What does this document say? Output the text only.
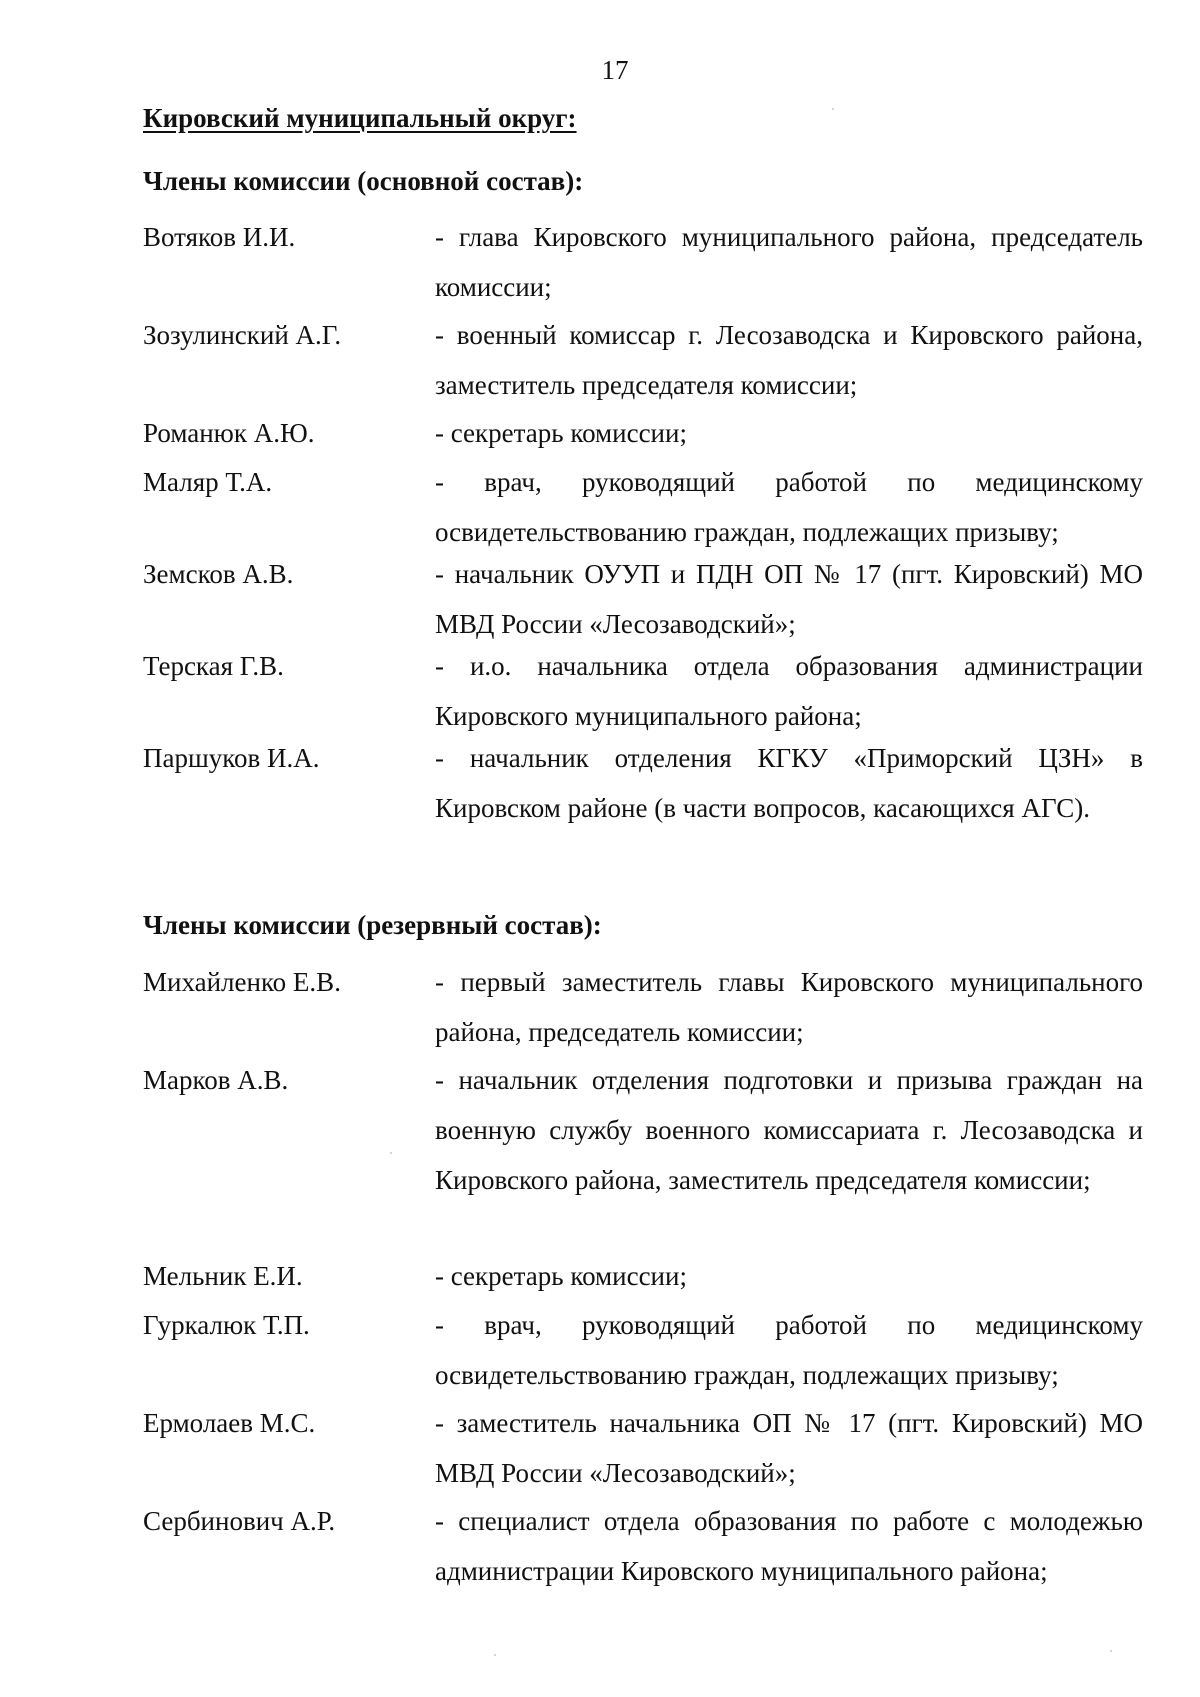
17
Кировский муниципальный округ:
Члены комиссии (основной состав):
Вотяков И.И.	- глава Кировского муниципального района, председатель комиссии;
Зозулинский А.Г.	- военный комиссар г. Лесозаводска и Кировского района, заместитель председателя комиссии;
Романюк А.Ю.	- секретарь комиссии;
Маляр Т.А.	- врач, руководящий работой по медицинскому освидетельствованию граждан, подлежащих призыву;
Земсков А.В.	- начальник ОУУП и ПДН ОП № 17 (пгт. Кировский) МО МВД России «Лесозаводский»;
Терская Г.В.	- и.о. начальника отдела образования администрации Кировского муниципального района;
Паршуков И.А.	- начальник отделения КГКУ «Приморский ЦЗН» в Кировском районе (в части вопросов, касающихся АГС).
Члены комиссии (резервный состав):
Михайленко Е.В.	- первый заместитель главы Кировского муниципального района, председатель комиссии;
Марков А.В.	- начальник отделения подготовки и призыва граждан на военную службу военного комиссариата г. Лесозаводска и Кировского района, заместитель председателя комиссии;
Мельник Е.И.	- секретарь комиссии;
Гуркалюк Т.П.	- врач, руководящий работой по медицинскому освидетельствованию граждан, подлежащих призыву;
Ермолаев М.С.	- заместитель начальника ОП № 17 (пгт. Кировский) МО МВД России «Лесозаводский»;
Сербинович А.Р.	- специалист отдела образования по работе с молодежью администрации Кировского муниципального района;
